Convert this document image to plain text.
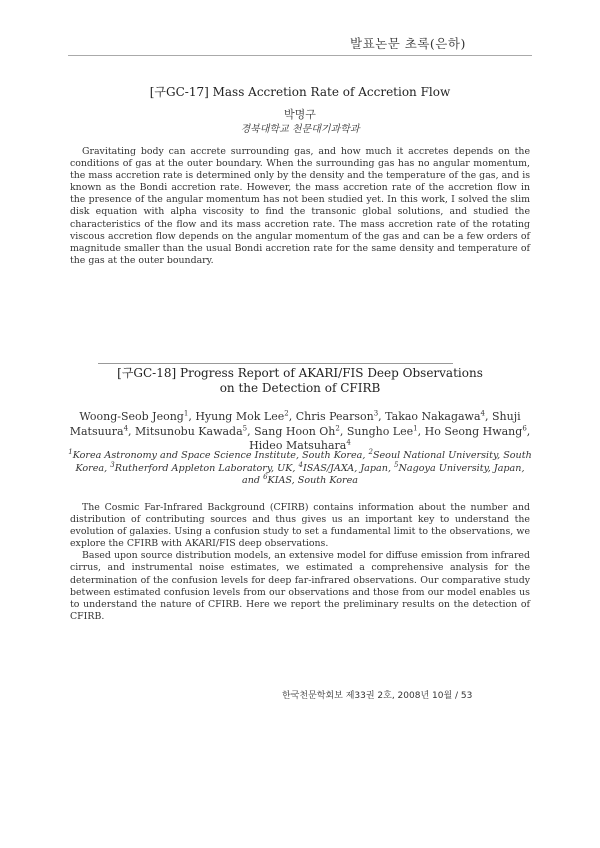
발표논문 초록(은하)
[구GC-17] Mass Accretion Rate of Accretion Flow
박명구
경북대학교 천문대기과학과

Gravitating body can accrete surrounding gas, and how much it accretes depends on the conditions of gas at the outer boundary. When the surrounding gas has no angular momentum, the mass accretion rate is determined only by the density and the temperature of the gas, and is known as the Bondi accretion rate. However, the mass accretion rate of the accretion flow in the presence of the angular momentum has not been studied yet. In this work, I solved the slim disk equation with alpha viscosity to find the transonic global solutions, and studied the characteristics of the flow and its mass accretion rate. The mass accretion rate of the rotating viscous accretion flow depends on the angular momentum of the gas and can be a few orders of magnitude smaller than the usual Bondi accretion rate for the same density and temperature of the gas at the outer boundary.

[구GC-18] Progress Report of AKARI/FIS Deep Observations
on the Detection of CFIRB
Woong-Seob Jeong$^1$, Hyung Mok Lee$^2$, Chris Pearson$^3$, Takao Nakagawa$^4$, Shuji Matsuura$^4$, Mitsunobu Kawada$^5$, Sang Hoon Oh$^2$, Sungho Lee$^1$, Ho Seong Hwang$^6$, Hideo Matsuhara$^4$
$^1$Korea Astronomy and Space Science Institute, South Korea, $^2$Seoul National University, South Korea, $^3$Rutherford Appleton Laboratory, UK, $^4$ISAS/JAXA, Japan, $^5$Nagoya University, Japan, and $^6$KIAS, South Korea

The Cosmic Far-Infrared Background (CFIRB) contains information about the number and distribution of contributing sources and thus gives us an important key to understand the evolution of galaxies. Using a confusion study to set a fundamental limit to the observations, we explore the CFIRB with AKARI/FIS deep observations.

Based upon source distribution models, an extensive model for diffuse emission from infrared cirrus, and instrumental noise estimates, we estimated a comprehensive analysis for the determination of the confusion levels for deep far-infrared observations. Our comparative study between estimated confusion levels from our observations and those from our model enables us to understand the nature of CFIRB. Here we report the preliminary results on the detection of CFIRB.

한국천문학회보 제33권 2호, 2008년 10월 / 53
